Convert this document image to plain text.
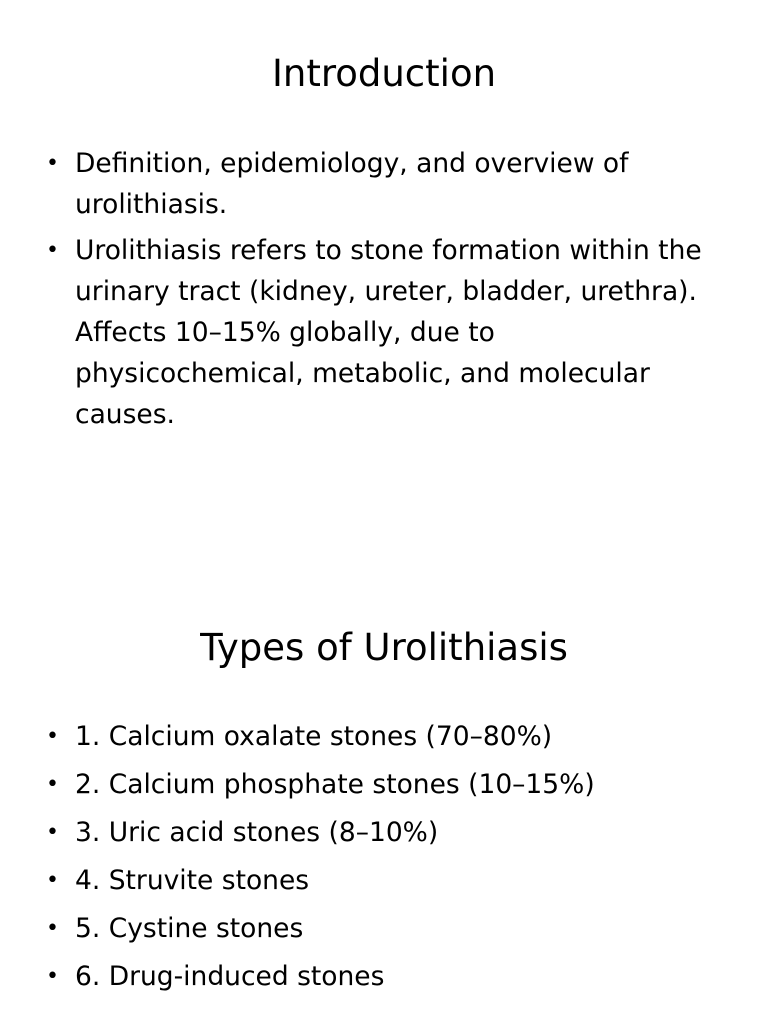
Introduction
• Definition, epidemiology, and overview of urolithiasis.
• Urolithiasis refers to stone formation within the urinary tract (kidney, ureter, bladder, urethra). Affects 10–15% globally, due to physicochemical, metabolic, and molecular causes.
Types of Urolithiasis
• 1. Calcium oxalate stones (70–80%)
• 2. Calcium phosphate stones (10–15%)
• 3. Uric acid stones (8–10%)
• 4. Struvite stones
• 5. Cystine stones
• 6. Drug-induced stones
